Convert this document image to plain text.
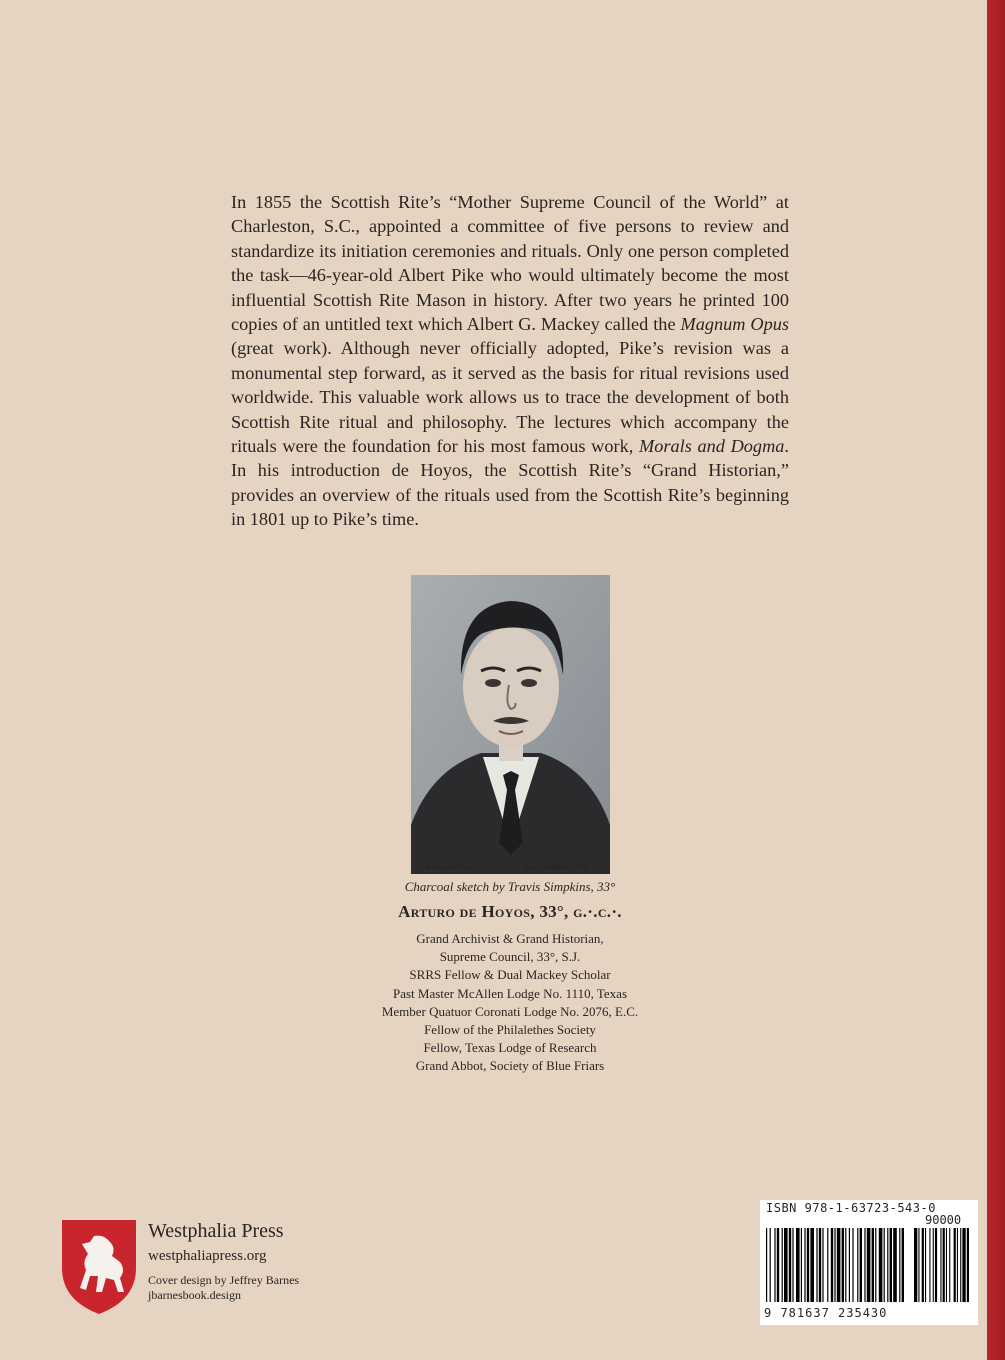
In 1855 the Scottish Rite’s “Mother Supreme Council of the World” at Charleston, S.C., appointed a committee of five persons to review and standardize its initiation ceremonies and rituals. Only one person completed the task—46-year-old Albert Pike who would ultimately become the most influential Scottish Rite Mason in history. After two years he printed 100 copies of an untitled text which Albert G. Mackey called the Magnum Opus (great work). Although never officially adopted, Pike’s revision was a monumental step forward, as it served as the basis for ritual revisions used worldwide. This valuable work allows us to trace the development of both Scottish Rite ritual and philosophy. The lectures which accompany the rituals were the foundation for his most famous work, Morals and Dogma. In his introduction de Hoyos, the Scottish Rite’s “Grand Historian,” provides an overview of the rituals used from the Scottish Rite’s beginning in 1801 up to Pike’s time.

Arturo de Hoyos	Travis Simpkins 2016
Charcoal sketch by Travis Simpkins, 33°
Arturo de Hoyos, 33°, g.·.c.·.
Grand Archivist & Grand Historian,
Supreme Council, 33°, S.J.
SRRS Fellow & Dual Mackey Scholar
Past Master McAllen Lodge No. 1110, Texas
Member Quatuor Coronati Lodge No. 2076, E.C.
Fellow of the Philalethes Society
Fellow, Texas Lodge of Research
Grand Abbot, Society of Blue Friars
Westphalia Press
westphaliapress.org
Cover design by Jeffrey Barnes
jbarnesbook.design
ISBN 978-1-63723-543-0
90000
9 781637 235430
